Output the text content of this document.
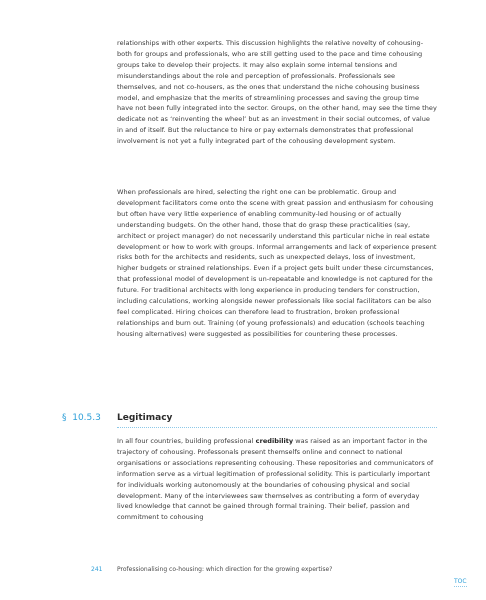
relationships with other experts. This discussion highlights the relative novelty of cohousing- both for groups and professionals, who are still getting used to the pace and time cohousing groups take to develop their projects. It may also explain some internal tensions and misunderstandings about the role and perception of professionals. Professionals see themselves, and not co-housers, as the ones that understand the niche cohousing business model, and emphasize that the merits of streamlining processes and saving the group time have not been fully integrated into the sector. Groups, on the other hand, may see the time they dedicate not as ‘reinventing the wheel’ but as an investment in their social outcomes, of value in and of itself. But the reluctance to hire or pay externals demonstrates that professional involvement is not yet a fully integrated part of the cohousing development system.

When professionals are hired, selecting the right one can be problematic. Group and development facilitators come onto the scene with great passion and enthusiasm for cohousing but often have very little experience of enabling community-led housing or of actually understanding budgets. On the other hand, those that do grasp these practicalities (say, architect or project manager) do not necessarily understand this particular niche in real estate development or how to work with groups. Informal arrangements and lack of experience present risks both for the architects and residents, such as unexpected delays, loss of investment, higher budgets or strained relationships. Even if a project gets built under these circumstances, that professional model of development is un-repeatable and knowledge is not captured for the future. For traditional architects with long experience in producing tenders for construction, including calculations, working alongside newer professionals like social facilitators can be also feel complicated. Hiring choices can therefore lead to frustration, broken professional relationships and burn out. Training (of young professionals) and education (schools teaching housing alternatives) were suggested as possibilities for countering these processes.

§  10.5.3 Legitimacy

In all four countries, building professional credibility was raised as an important factor in the trajectory of cohousing. Professonals present themselfs online and connect to national organisations or associations representing cohousing. These repositories and communicators of information serve as a virtual legitimation of professional solidity. This is particularly important for individuals working autonomously at the boundaries of cohousing physical and social development. Many of the interviewees saw themselves as contributing a form of everyday lived knowledge that cannot be gained through formal training. Their belief, passion and commitment to cohousing

241 Professionalising co-housing: which direction for the growing expertise?
TOC
